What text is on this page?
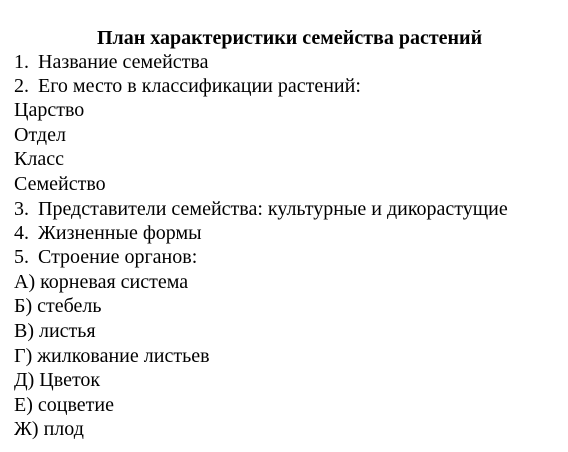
План характеристики семейства растений
1. Название семейства
2. Его место в классификации растений:
Царство
Отдел
Класс
Семейство
3. Представители семейства: культурные и дикорастущие
4. Жизненные формы
5. Строение органов:
А) корневая система
Б) стебель
В) листья
Г) жилкование листьев
Д) Цветок
Е) соцветие
Ж) плод
